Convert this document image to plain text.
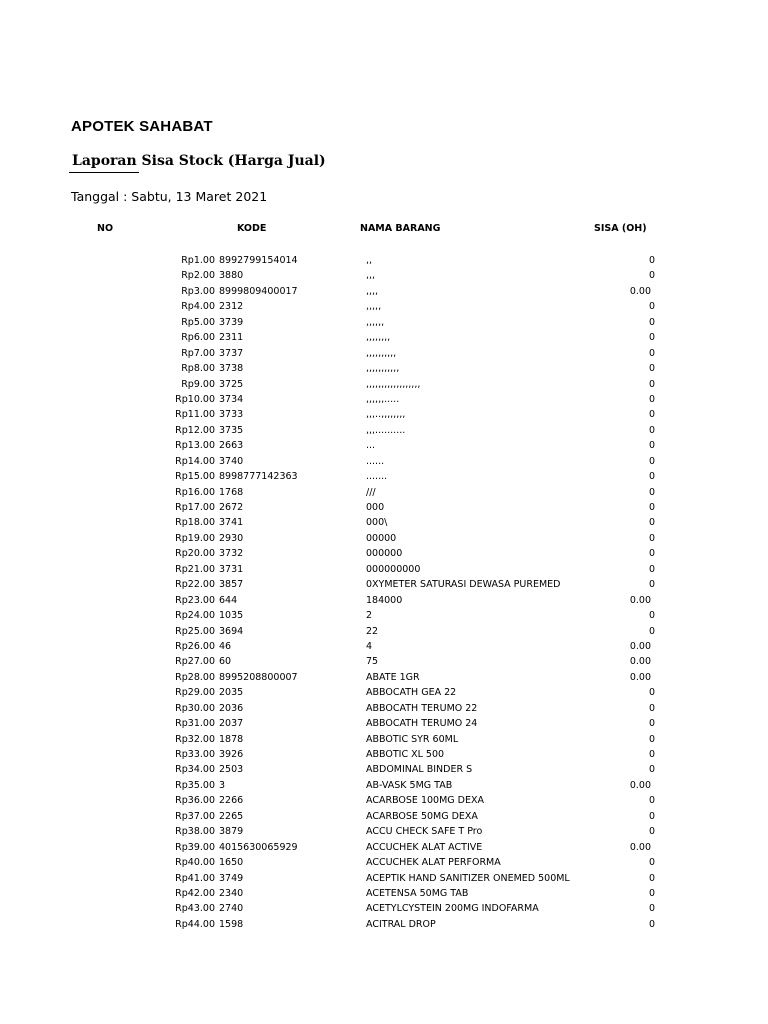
APOTEK SAHABAT
Laporan Sisa Stock (Harga Jual)
Tanggal : Sabtu, 13 Maret 2021
NO	KODE	NAMA BARANG	SISA (OH)
Rp1.00 8992799154014	,,	0
Rp2.00 3880	,,,	0
Rp3.00 8999809400017	,,,,	0.00
Rp4.00 2312	,,,,,	0
Rp5.00 3739	,,,,,,	0
Rp6.00 2311	,,,,,,,,	0
Rp7.00 3737	,,,,,,,,,,	0
Rp8.00 3738	,,,,,,,,,,,	0
Rp9.00 3725	,,,,,,,,,,,,,,,,,,	0
Rp10.00 3734	,,,,,,.....	0
Rp11.00 3733	,,,..,,,,,,,,	0
Rp12.00 3735	,,,..........	0
Rp13.00 2663	...	0
Rp14.00 3740	......	0
Rp15.00 8998777142363	.......	0
Rp16.00 1768	///	0
Rp17.00 2672	000	0
Rp18.00 3741	000\	0
Rp19.00 2930	00000	0
Rp20.00 3732	000000	0
Rp21.00 3731	000000000	0
Rp22.00 3857	0XYMETER SATURASI DEWASA PUREMED	0
Rp23.00 644	184000	0.00
Rp24.00 1035	2	0
Rp25.00 3694	22	0
Rp26.00 46	4	0.00
Rp27.00 60	75	0.00
Rp28.00 8995208800007	ABATE 1GR	0.00
Rp29.00 2035	ABBOCATH GEA 22	0
Rp30.00 2036	ABBOCATH TERUMO 22	0
Rp31.00 2037	ABBOCATH TERUMO 24	0
Rp32.00 1878	ABBOTIC SYR 60ML	0
Rp33.00 3926	ABBOTIC XL 500	0
Rp34.00 2503	ABDOMINAL BINDER S	0
Rp35.00 3	AB-VASK 5MG TAB	0.00
Rp36.00 2266	ACARBOSE 100MG DEXA	0
Rp37.00 2265	ACARBOSE 50MG DEXA	0
Rp38.00 3879	ACCU CHECK SAFE T Pro	0
Rp39.00 4015630065929	ACCUCHEK ALAT ACTIVE	0.00
Rp40.00 1650	ACCUCHEK ALAT PERFORMA	0
Rp41.00 3749	ACEPTIK HAND SANITIZER ONEMED 500ML	0
Rp42.00 2340	ACETENSA 50MG TAB	0
Rp43.00 2740	ACETYLCYSTEIN 200MG INDOFARMA	0
Rp44.00 1598	ACITRAL DROP	0
